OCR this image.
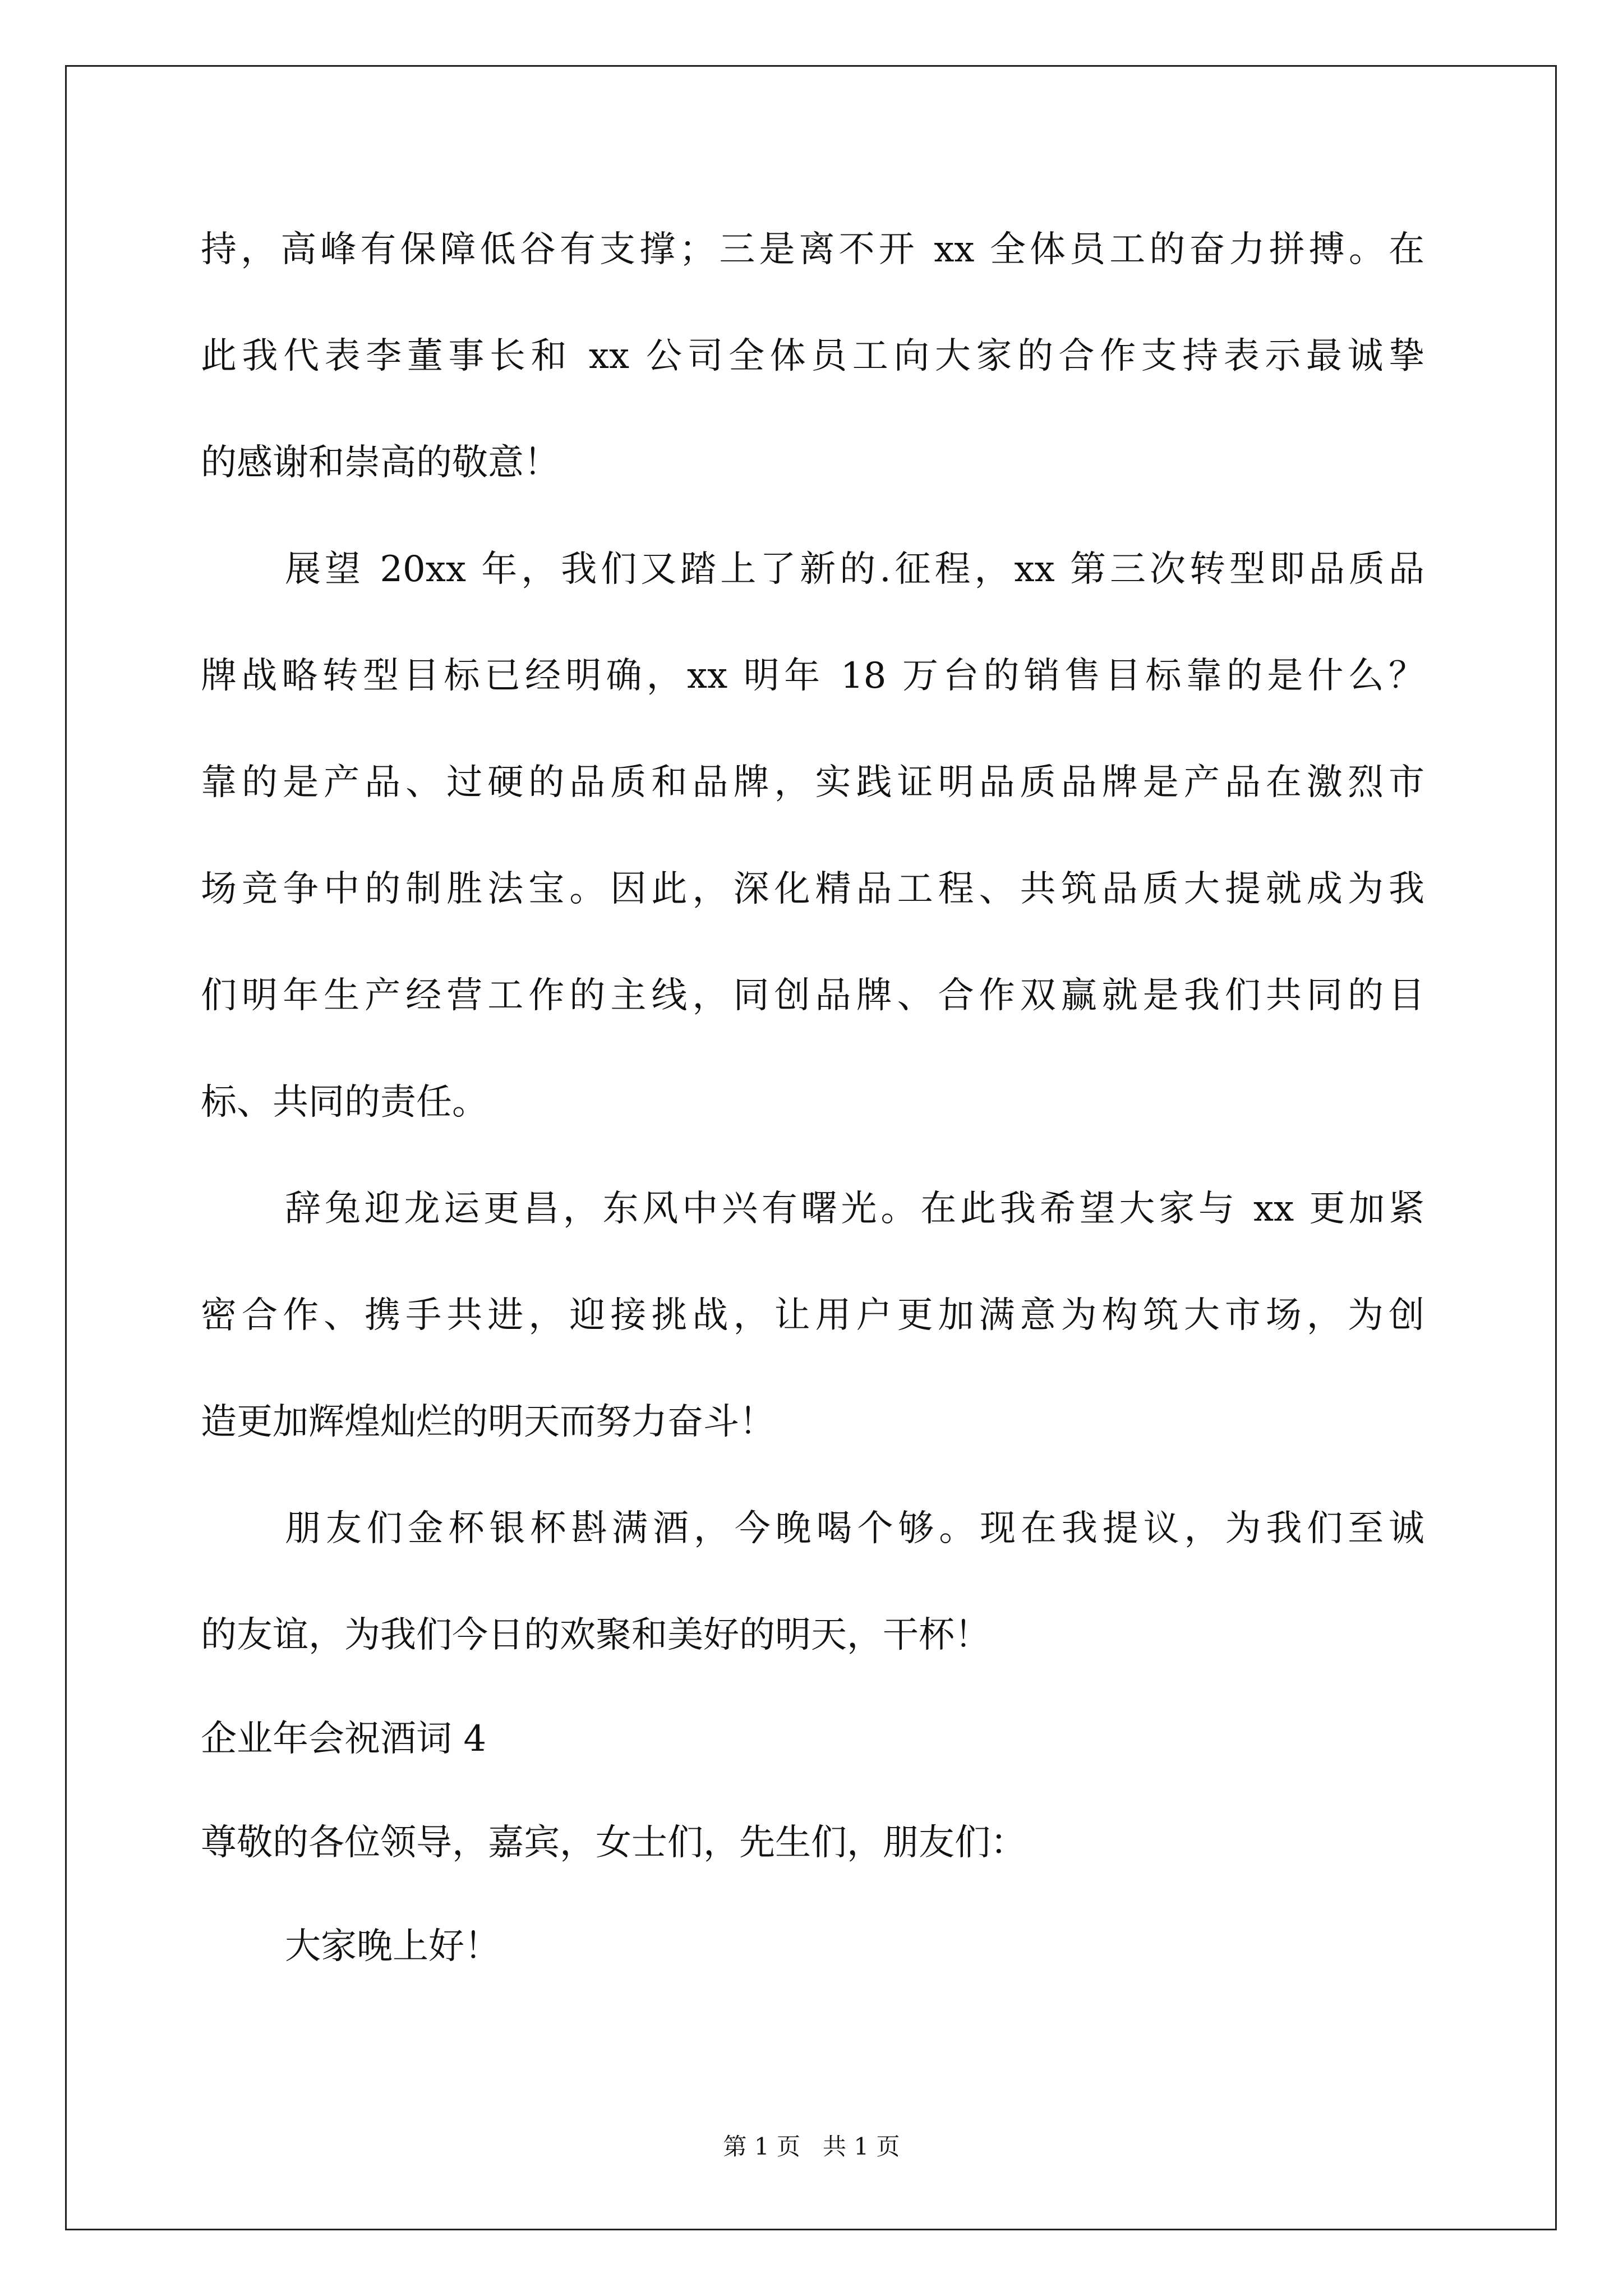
持，高峰有保障低谷有支撑；三是离不开 xx 全体员工的奋力拼搏。在
此我代表李董事长和 xx 公司全体员工向大家的合作支持表示最诚挚
的感谢和崇高的敬意！
展望 20xx 年，我们又踏上了新的.征程，xx 第三次转型即品质品
牌战略转型目标已经明确，xx 明年 18 万台的销售目标靠的是什么？
靠的是产品、过硬的品质和品牌，实践证明品质品牌是产品在激烈市
场竞争中的制胜法宝。因此，深化精品工程、共筑品质大提就成为我
们明年生产经营工作的主线，同创品牌、合作双赢就是我们共同的目
标、共同的责任。
辞兔迎龙运更昌，东风中兴有曙光。在此我希望大家与 xx 更加紧
密合作、携手共进，迎接挑战，让用户更加满意为构筑大市场，为创
造更加辉煌灿烂的明天而努力奋斗！
朋友们金杯银杯斟满酒，今晚喝个够。现在我提议，为我们至诚
的友谊，为我们今日的欢聚和美好的明天，干杯！
企业年会祝酒词 4
尊敬的各位领导，嘉宾，女士们，先生们，朋友们：
大家晚上好！
第 1 页   共 1 页
